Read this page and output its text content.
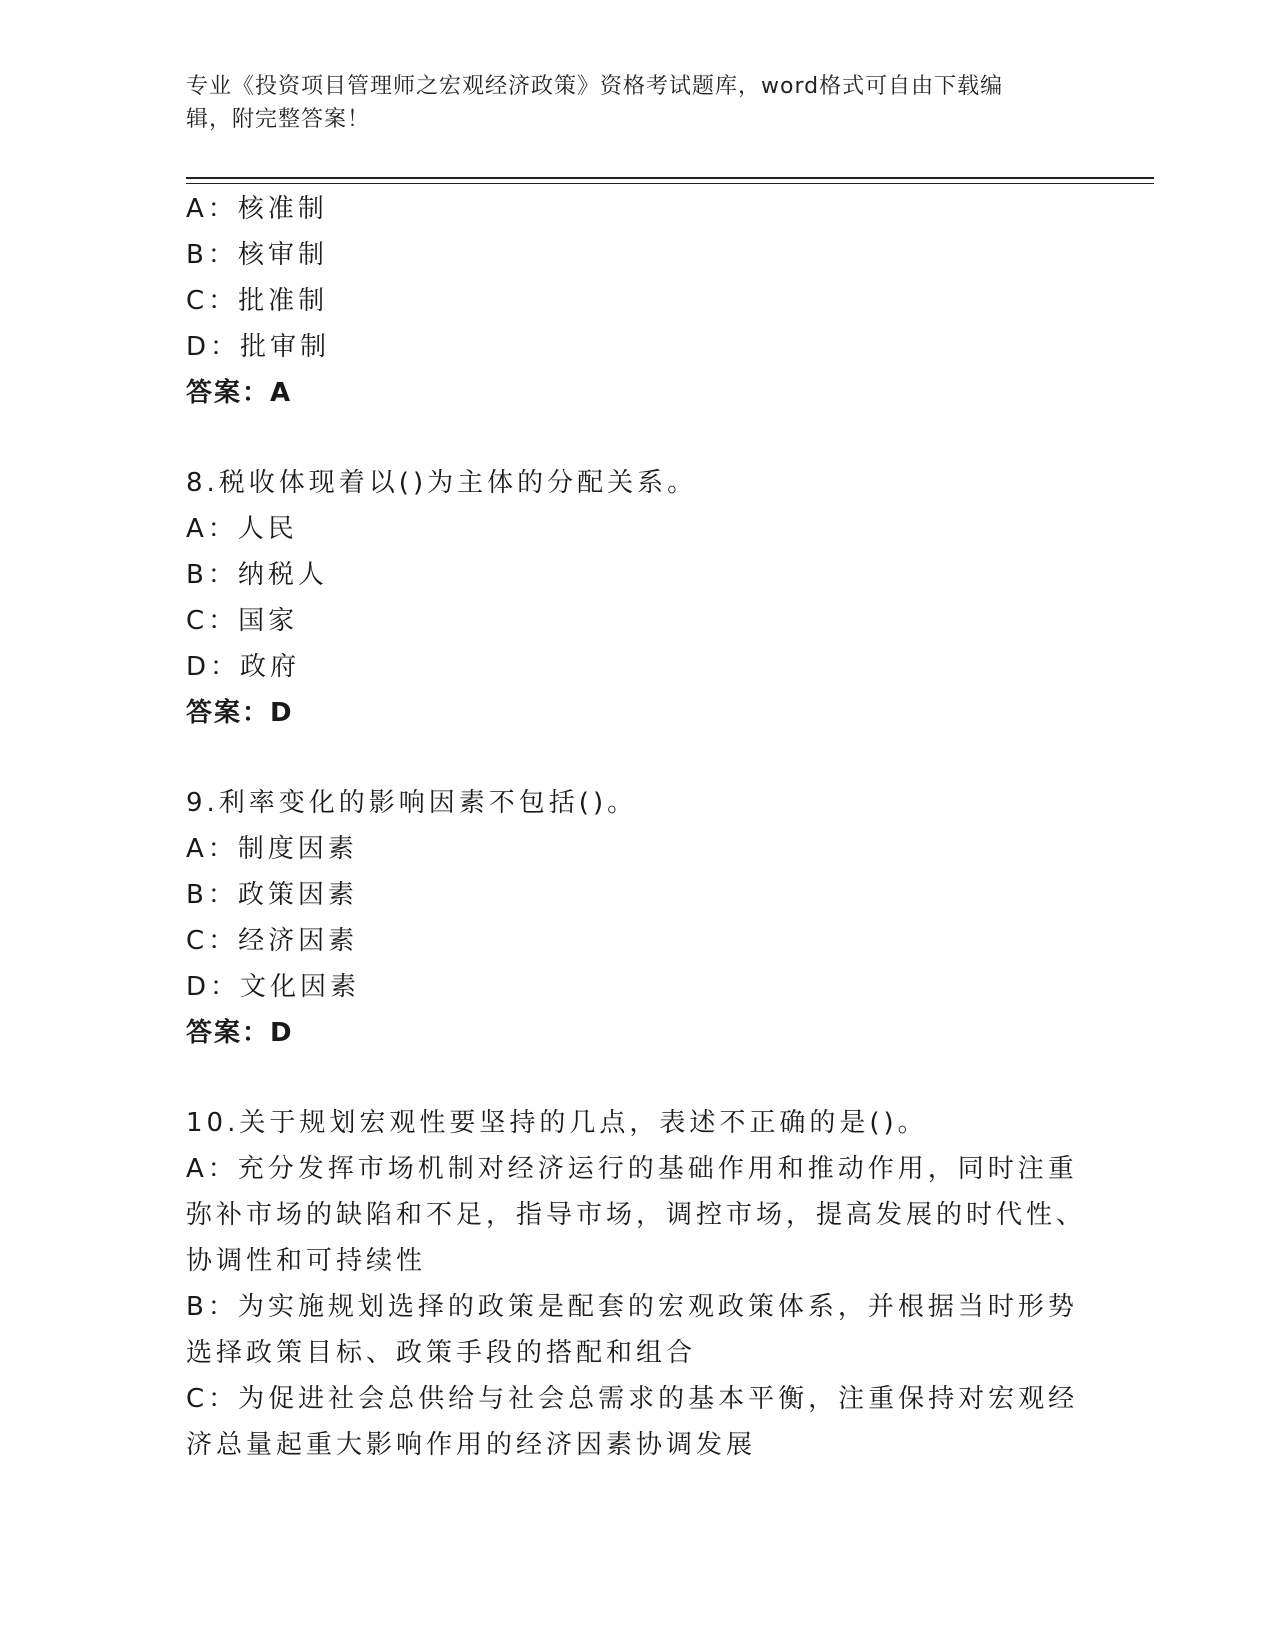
专业《投资项目管理师之宏观经济政策》资格考试题库，word格式可自由下载编
辑，附完整答案！
A：核准制
B：核审制
C：批准制
D：批审制
答案：A
8.税收体现着以()为主体的分配关系。
A：人民
B：纳税人
C：国家
D：政府
答案：D
9.利率变化的影响因素不包括()。
A：制度因素
B：政策因素
C：经济因素
D：文化因素
答案：D
10.关于规划宏观性要坚持的几点，表述不正确的是()。
A：充分发挥市场机制对经济运行的基础作用和推动作用，同时注重弥补市场的缺陷和不足，指导市场，调控市场，提高发展的时代性、协调性和可持续性
B：为实施规划选择的政策是配套的宏观政策体系，并根据当时形势选择政策目标、政策手段的搭配和组合
C：为促进社会总供给与社会总需求的基本平衡，注重保持对宏观经济总量起重大影响作用的经济因素协调发展
